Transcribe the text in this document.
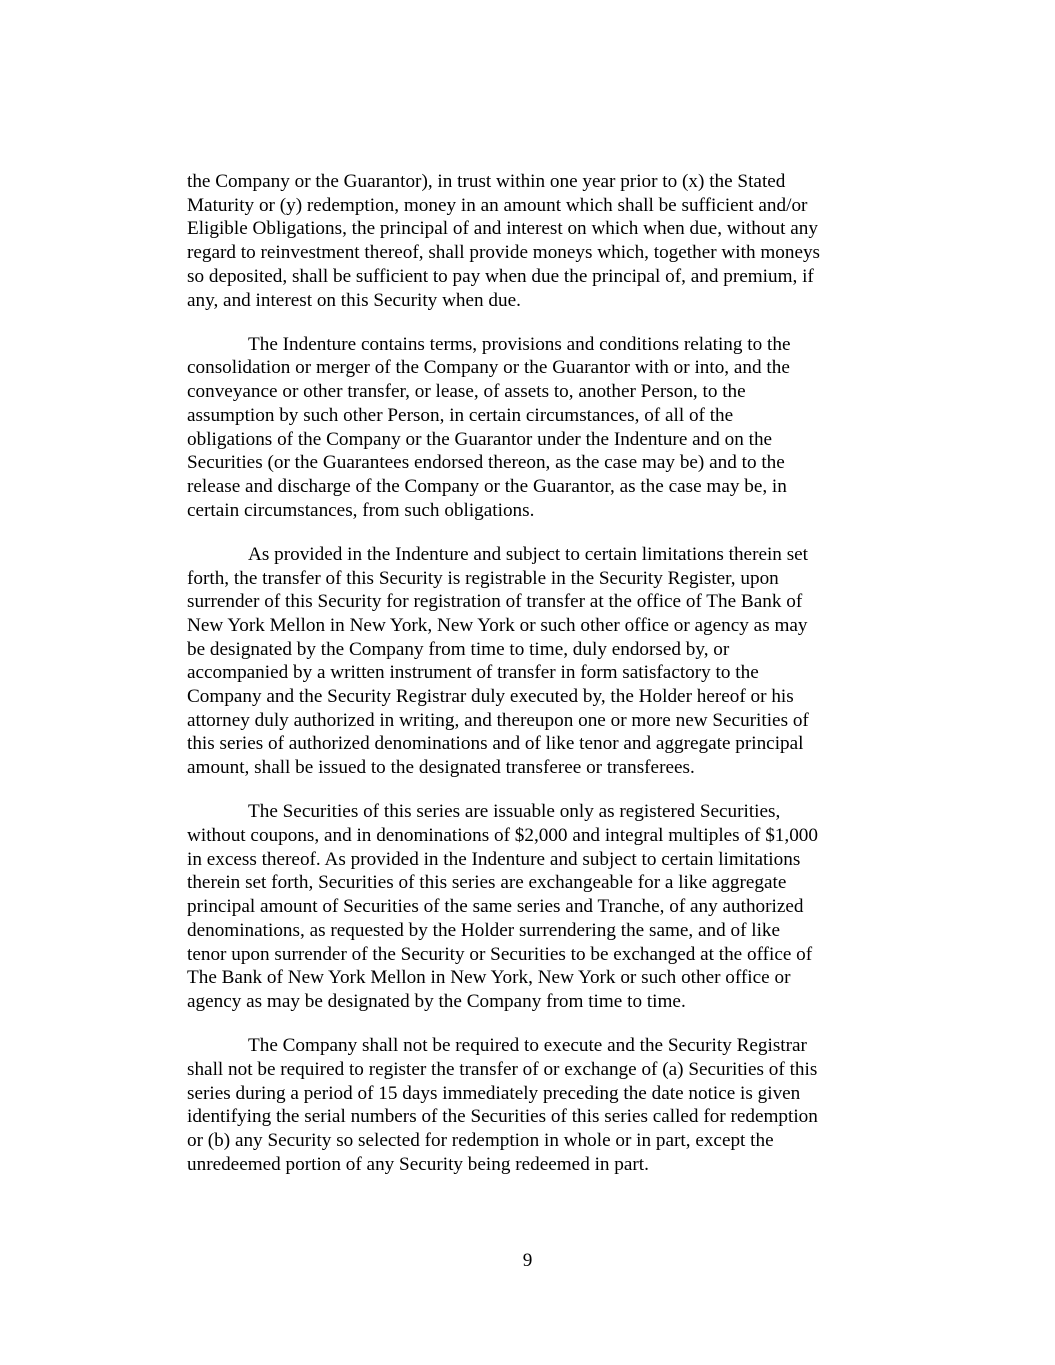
the Company or the Guarantor), in trust within one year prior to (x) the Stated
Maturity or (y) redemption, money in an amount which shall be sufficient and/or
Eligible Obligations, the principal of and interest on which when due, without any
regard to reinvestment thereof, shall provide moneys which, together with moneys
so deposited, shall be sufficient to pay when due the principal of, and premium, if
any, and interest on this Security when due.

The Indenture contains terms, provisions and conditions relating to the
consolidation or merger of the Company or the Guarantor with or into, and the
conveyance or other transfer, or lease, of assets to, another Person, to the
assumption by such other Person, in certain circumstances, of all of the
obligations of the Company or the Guarantor under the Indenture and on the
Securities (or the Guarantees endorsed thereon, as the case may be) and to the
release and discharge of the Company or the Guarantor, as the case may be, in
certain circumstances, from such obligations.

As provided in the Indenture and subject to certain limitations therein set
forth, the transfer of this Security is registrable in the Security Register, upon
surrender of this Security for registration of transfer at the office of The Bank of
New York Mellon in New York, New York or such other office or agency as may
be designated by the Company from time to time, duly endorsed by, or
accompanied by a written instrument of transfer in form satisfactory to the
Company and the Security Registrar duly executed by, the Holder hereof or his
attorney duly authorized in writing, and thereupon one or more new Securities of
this series of authorized denominations and of like tenor and aggregate principal
amount, shall be issued to the designated transferee or transferees.

The Securities of this series are issuable only as registered Securities,
without coupons, and in denominations of $2,000 and integral multiples of $1,000
in excess thereof. As provided in the Indenture and subject to certain limitations
therein set forth, Securities of this series are exchangeable for a like aggregate
principal amount of Securities of the same series and Tranche, of any authorized
denominations, as requested by the Holder surrendering the same, and of like
tenor upon surrender of the Security or Securities to be exchanged at the office of
The Bank of New York Mellon in New York, New York or such other office or
agency as may be designated by the Company from time to time.

The Company shall not be required to execute and the Security Registrar
shall not be required to register the transfer of or exchange of (a) Securities of this
series during a period of 15 days immediately preceding the date notice is given
identifying the serial numbers of the Securities of this series called for redemption
or (b) any Security so selected for redemption in whole or in part, except the
unredeemed portion of any Security being redeemed in part.

9
